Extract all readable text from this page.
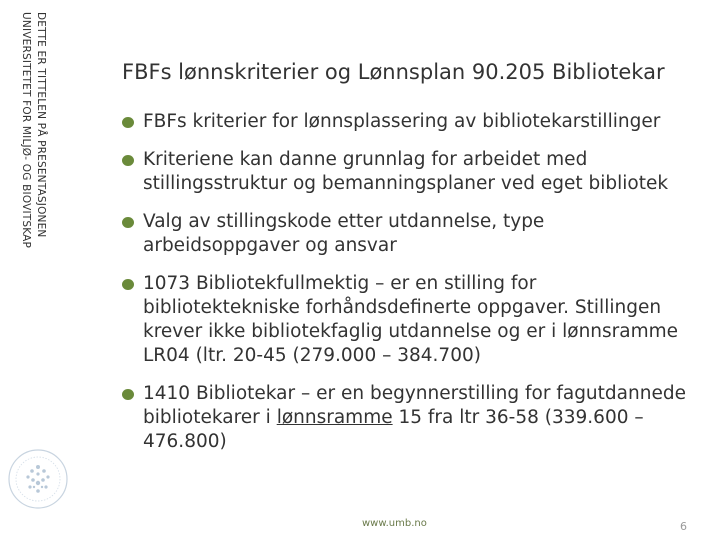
DETTE ER TITTELEN PÅ PRESENTASJONEN
UNIVERSITETET FOR MILJØ- OG BIOVITSKAP	FBFs lønnskriterier og Lønnsplan 90.205 Bibliotekar
FBFs kriterier for lønnsplassering av bibliotekarstillinger
Kriteriene kan danne grunnlag for arbeidet med stillingsstruktur og bemanningsplaner ved eget bibliotek
Valg av stillingskode etter utdannelse, type arbeidsoppgaver og ansvar
1073 Bibliotekfullmektig – er en stilling for bibliotektekniske forhåndsdefinerte oppgaver. Stillingen krever ikke bibliotekfaglig utdannelse og er i lønnsramme LR04 (ltr. 20-45 (279.000 – 384.700)
1410 Bibliotekar – er en begynnerstilling for fagutdannede bibliotekarer i lønnsramme 15 fra ltr 36-58 (339.600 – 476.800)
www.umb.no	6
